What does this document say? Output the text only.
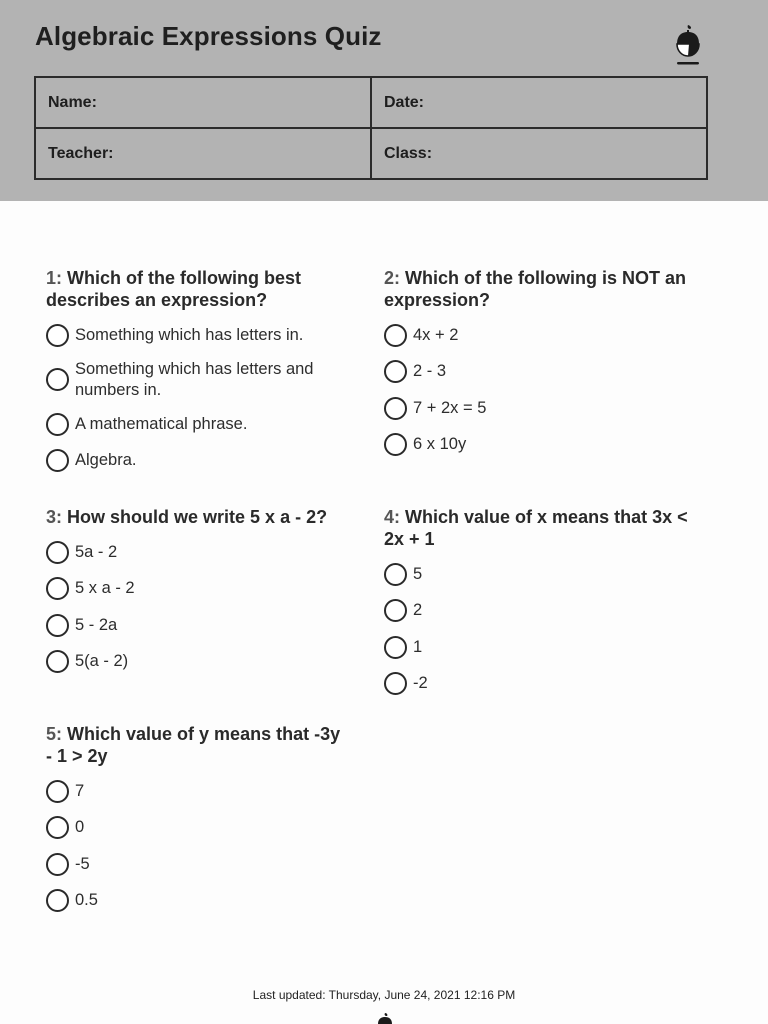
Algebraic Expressions Quiz
Name:	Date:
Teacher:	Class:
1: Which of the following best describes an expression?
Something which has letters in.
Something which has letters and numbers in.
A mathematical phrase.
Algebra.
2: Which of the following is NOT an expression?
4x + 2
2 - 3
7 + 2x = 5
6 x 10y
3: How should we write 5 x a - 2?
5a - 2
5 x a - 2
5 - 2a
5(a - 2)
4: Which value of x means that 3x < 2x + 1
5
2
1
-2
5: Which value of y means that -3y - 1 > 2y
7
0
-5
0.5
Last updated: Thursday, June 24, 2021 12:16 PM
